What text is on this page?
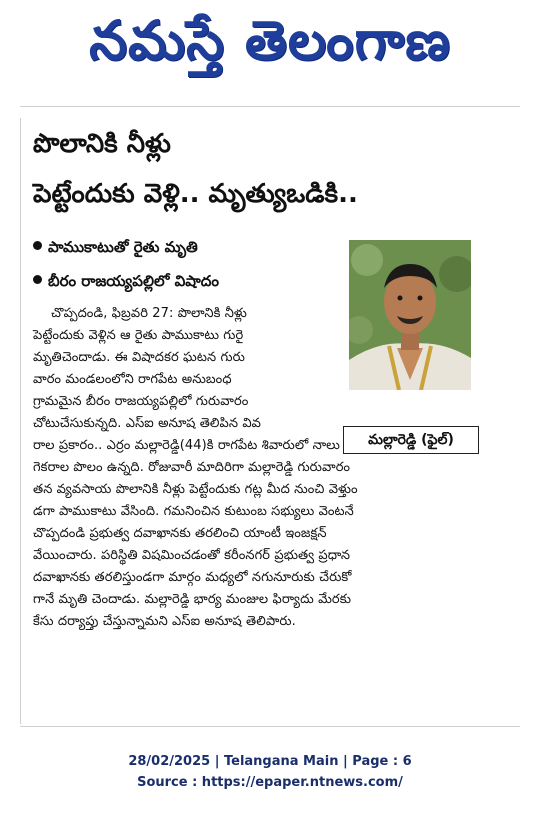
నమస్తే తెలంగాణ
పొలానికి నీళ్లు
పెట్టేందుకు వెళ్లి.. మృత్యుఒడికి..
పాముకాటుతో రైతు మృతి
బీరం రాజయ్యపల్లిలో విషాదం
మల్లారెడ్డి (ఫైల్)
చొప్పదండి, ఫిబ్రవరి 27: పొలానికి నీళ్లు
పెట్టేందుకు వెళ్లిన ఆ రైతు పాముకాటు గురై
మృతిచెందాడు. ఈ విషాదకర ఘటన గురు
వారం మండలంలోని రాగపేట అనుబంధ
గ్రామమైన బీరం రాజయ్యపల్లిలో గురువారం
చోటుచేసుకున్నది. ఎస్ఐ అనూష తెలిపిన వివ
రాల ప్రకారం.. ఎర్రం మల్లారెడ్డి(44)కి రాగపేట శివారులో నాలు
గెకరాల పొలం ఉన్నది. రోజువారీ మాదిరిగా మల్లారెడ్డి గురువారం
తన వ్యవసాయ పొలానికి నీళ్లు పెట్టేందుకు గట్ల మీద నుంచి వెళ్తుం
డగా పాముకాటు వేసింది. గమనించిన కుటుంబ సభ్యులు వెంటనే
చొప్పదండి ప్రభుత్వ దవాఖానకు తరలించి యాంటీ ఇంజక్షన్
వేయించారు. పరిస్థితి విషమించడంతో కరీంనగర్ ప్రభుత్వ ప్రధాన
దవాఖానకు తరలిస్తుండగా మార్గం మధ్యలో నగునూరుకు చేరుకో
గానే మృతి చెందాడు. మల్లారెడ్డి భార్య మంజుల ఫిర్యాదు మేరకు
కేసు దర్యాప్తు చేస్తున్నామని ఎస్ఐ అనూష తెలిపారు.
28/02/2025 | Telangana Main | Page : 6
Source : https://epaper.ntnews.com/
